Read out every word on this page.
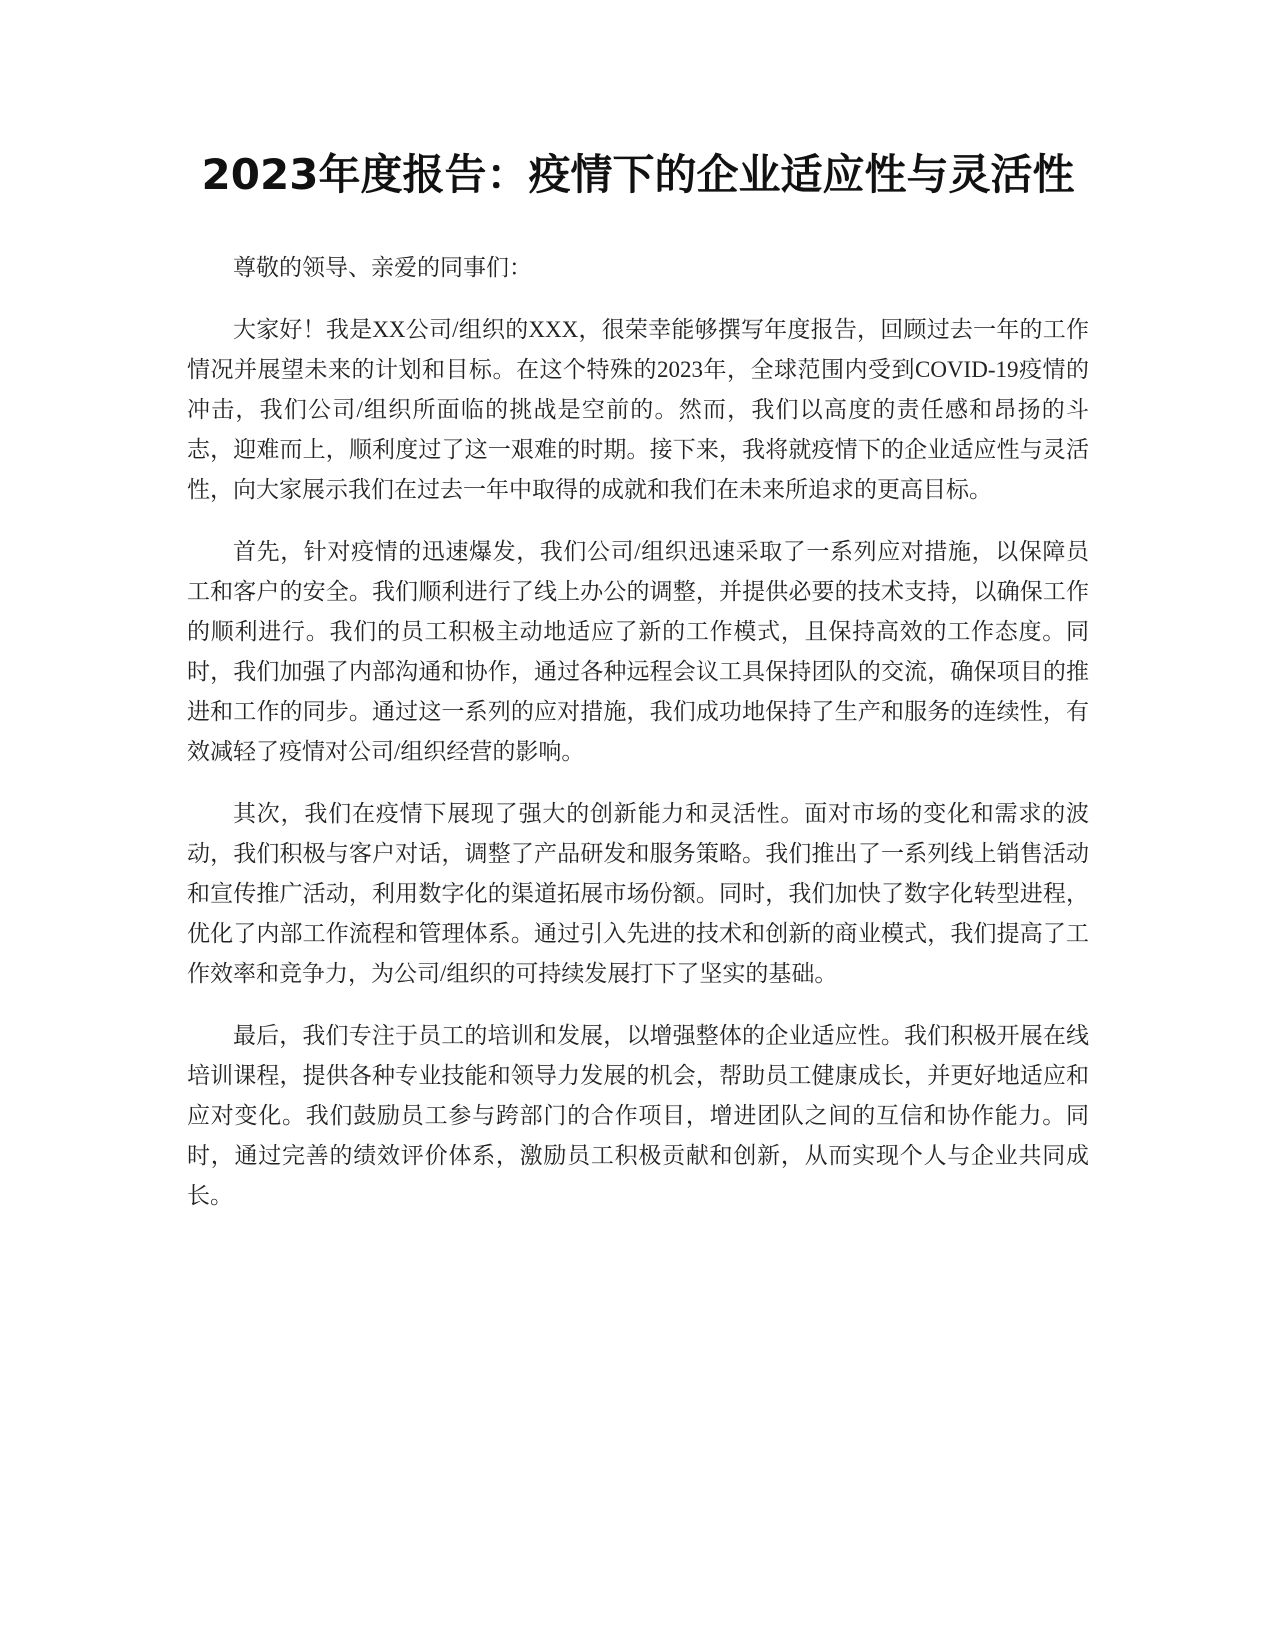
2023年度报告：疫情下的企业适应性与灵活性

尊敬的领导、亲爱的同事们：

大家好！我是XX公司/组织的XXX，很荣幸能够撰写年度报告，回顾过去一年的工作情况并展望未来的计划和目标。在这个特殊的2023年，全球范围内受到COVID-19疫情的冲击，我们公司/组织所面临的挑战是空前的。然而，我们以高度的责任感和昂扬的斗志，迎难而上，顺利度过了这一艰难的时期。接下来，我将就疫情下的企业适应性与灵活性，向大家展示我们在过去一年中取得的成就和我们在未来所追求的更高目标。

首先，针对疫情的迅速爆发，我们公司/组织迅速采取了一系列应对措施，以保障员工和客户的安全。我们顺利进行了线上办公的调整，并提供必要的技术支持，以确保工作的顺利进行。我们的员工积极主动地适应了新的工作模式，且保持高效的工作态度。同时，我们加强了内部沟通和协作，通过各种远程会议工具保持团队的交流，确保项目的推进和工作的同步。通过这一系列的应对措施，我们成功地保持了生产和服务的连续性，有效减轻了疫情对公司/组织经营的影响。

其次，我们在疫情下展现了强大的创新能力和灵活性。面对市场的变化和需求的波动，我们积极与客户对话，调整了产品研发和服务策略。我们推出了一系列线上销售活动和宣传推广活动，利用数字化的渠道拓展市场份额。同时，我们加快了数字化转型进程，优化了内部工作流程和管理体系。通过引入先进的技术和创新的商业模式，我们提高了工作效率和竞争力，为公司/组织的可持续发展打下了坚实的基础。

最后，我们专注于员工的培训和发展，以增强整体的企业适应性。我们积极开展在线培训课程，提供各种专业技能和领导力发展的机会，帮助员工健康成长，并更好地适应和应对变化。我们鼓励员工参与跨部门的合作项目，增进团队之间的互信和协作能力。同时，通过完善的绩效评价体系，激励员工积极贡献和创新，从而实现个人与企业共同成长。
